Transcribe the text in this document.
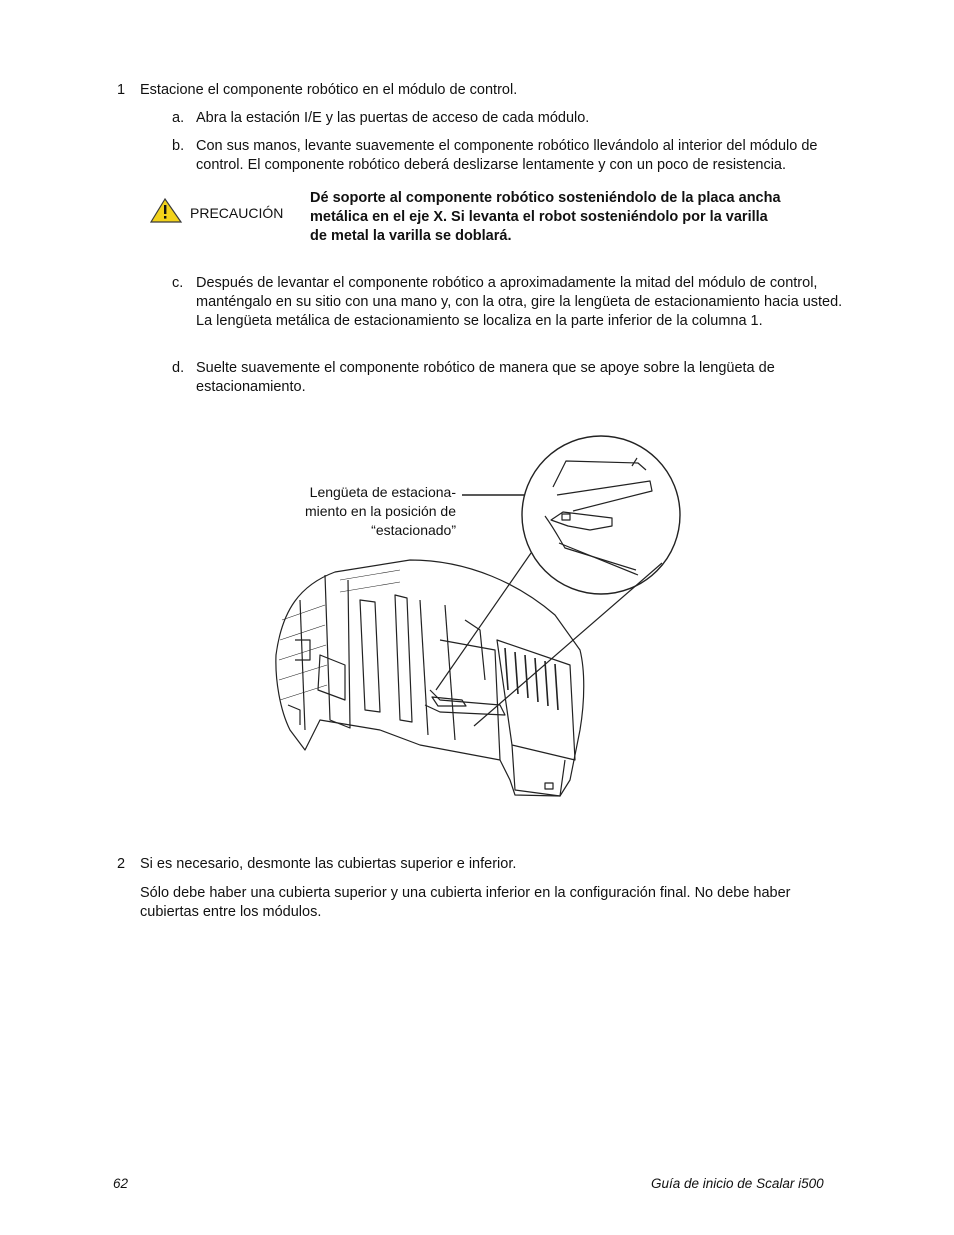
1 Estacione el componente robótico en el módulo de control.
a. Abra la estación I/E y las puertas de acceso de cada módulo.
b. Con sus manos, levante suavemente el componente robótico llevándolo al interior del módulo de control. El componente robótico deberá deslizarse lentamente y con un poco de resistencia.
PRECAUCIÓN
Dé soporte al componente robótico sosteniéndolo de la placa ancha
metálica en el eje X. Si levanta el robot sosteniéndolo por la varilla
de metal la varilla se doblará.
c. Después de levantar el componente robótico a aproximadamente la mitad del módulo de control, manténgalo en su sitio con una mano y, con la otra, gire la lengüeta de estacionamiento hacia usted. La lengüeta metálica de estacionamiento se localiza en la parte inferior de la columna 1.
d. Suelte suavemente el componente robótico de manera que se apoye sobre la lengüeta de estacionamiento.
Lengüeta de estaciona-
miento en la posición de
“estacionado”
2 Si es necesario, desmonte las cubiertas superior e inferior.
Sólo debe haber una cubierta superior y una cubierta inferior en la configuración final. No debe haber cubiertas entre los módulos.
62	Guía de inicio de Scalar i500
